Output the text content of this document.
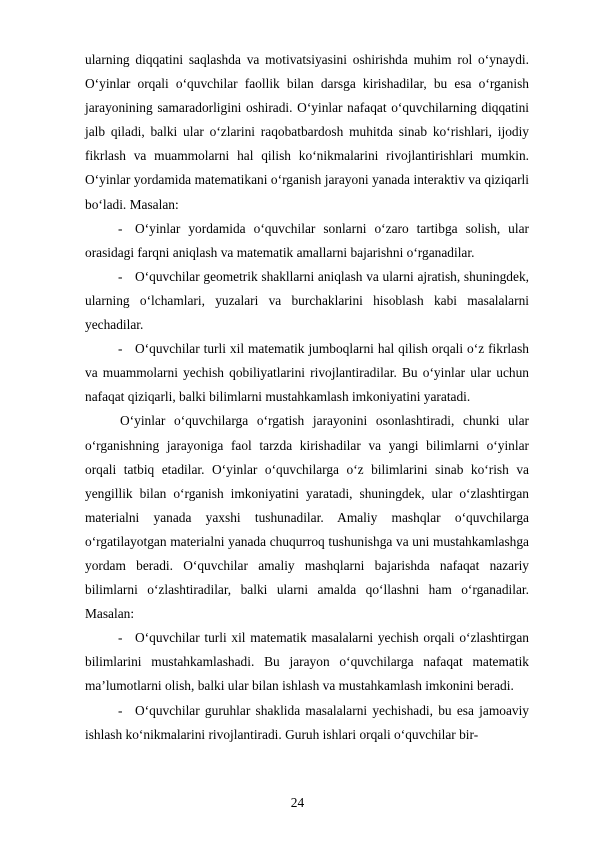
ularning diqqatini saqlashda va motivatsiyasini oshirishda muhim rol o‘ynaydi. O‘yinlar orqali o‘quvchilar faollik bilan darsga kirishadilar, bu esa o‘rganish jarayonining samaradorligini oshiradi. O‘yinlar nafaqat o‘quvchilarning diqqatini jalb qiladi, balki ular o‘zlarini raqobatbardosh muhitda sinab ko‘rishlari, ijodiy fikrlash va muammolarni hal qilish ko‘nikmalarini rivojlantirishlari mumkin. O‘yinlar yordamida matematikani o‘rganish jarayoni yanada interaktiv va qiziqarli bo‘ladi. Masalan:

- O‘yinlar yordamida o‘quvchilar sonlarni o‘zaro tartibga solish, ular orasidagi farqni aniqlash va matematik amallarni bajarishni o‘rganadilar.

- O‘quvchilar geometrik shakllarni aniqlash va ularni ajratish, shuningdek, ularning o‘lchamlari, yuzalari va burchaklarini hisoblash kabi masalalarni yechadilar.

- O‘quvchilar turli xil matematik jumboqlarni hal qilish orqali o‘z fikrlash va muammolarni yechish qobiliyatlarini rivojlantiradilar. Bu o‘yinlar ular uchun nafaqat qiziqarli, balki bilimlarni mustahkamlash imkoniyatini yaratadi.

O‘yinlar o‘quvchilarga o‘rgatish jarayonini osonlashtiradi, chunki ular o‘rganishning jarayoniga faol tarzda kirishadilar va yangi bilimlarni o‘yinlar orqali tatbiq etadilar. O‘yinlar o‘quvchilarga o‘z bilimlarini sinab ko‘rish va yengillik bilan o‘rganish imkoniyatini yaratadi, shuningdek, ular o‘zlashtirgan materialni yanada yaxshi tushunadilar. Amaliy mashqlar o‘quvchilarga o‘rgatilayotgan materialni yanada chuqurroq tushunishga va uni mustahkamlashga yordam beradi. O‘quvchilar amaliy mashqlarni bajarishda nafaqat nazariy bilimlarni o‘zlashtiradilar, balki ularni amalda qo‘llashni ham o‘rganadilar. Masalan:

- O‘quvchilar turli xil matematik masalalarni yechish orqali o‘zlashtirgan bilimlarini mustahkamlashadi. Bu jarayon o‘quvchilarga nafaqat matematik ma’lumotlarni olish, balki ular bilan ishlash va mustahkamlash imkonini beradi.

- O‘quvchilar guruhlar shaklida masalalarni yechishadi, bu esa jamoaviy ishlash ko‘nikmalarini rivojlantiradi. Guruh ishlari orqali o‘quvchilar bir-

24
